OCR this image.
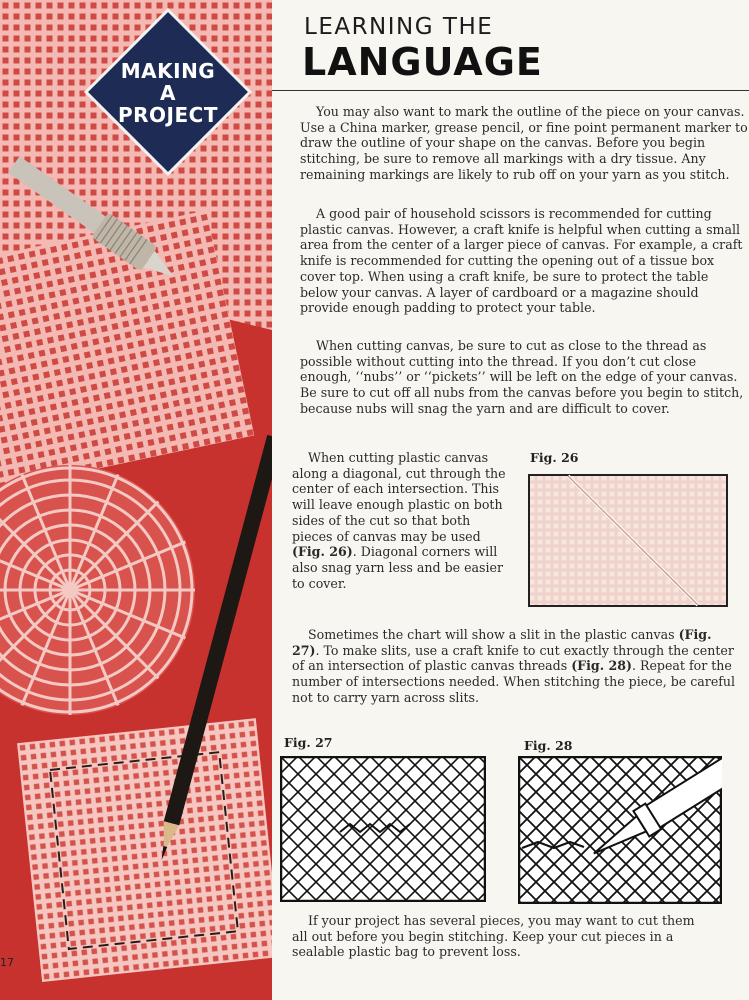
MAKING
A
PROJECT
17
LEARNING THE
LANGUAGE

You may also want to mark the outline of the piece on your canvas. Use a China marker, grease pencil, or fine point permanent marker to draw the outline of your shape on the canvas. Before you begin stitching, be sure to remove all markings with a dry tissue. Any remaining markings are likely to rub off on your yarn as you stitch.

A good pair of household scissors is recommended for cutting plastic canvas. However, a craft knife is helpful when cutting a small area from the center of a larger piece of canvas. For example, a craft knife is recommended for cutting the opening out of a tissue box cover top. When using a craft knife, be sure to protect the table below your canvas. A layer of cardboard or a magazine should provide enough padding to protect your table.

When cutting canvas, be sure to cut as close to the thread as possible without cutting into the thread. If you don’t cut close enough, ‘‘nubs’’ or ‘‘pickets’’ will be left on the edge of your canvas. Be sure to cut off all nubs from the canvas before you begin to stitch, because nubs will snag the yarn and are difficult to cover.

When cutting plastic canvas along a diagonal, cut through the center of each intersection. This will leave enough plastic on both sides of the cut so that both pieces of canvas may be used (Fig. 26). Diagonal corners will also snag yarn less and be easier to cover.

Fig. 26

Sometimes the chart will show a slit in the plastic canvas (Fig. 27). To make slits, use a craft knife to cut exactly through the center of an intersection of plastic canvas threads (Fig. 28). Repeat for the number of intersections needed. When stitching the piece, be careful not to carry yarn across slits.

Fig. 27	Fig. 28

If your project has several pieces, you may want to cut them all out before you begin stitching. Keep your cut pieces in a sealable plastic bag to prevent loss.
